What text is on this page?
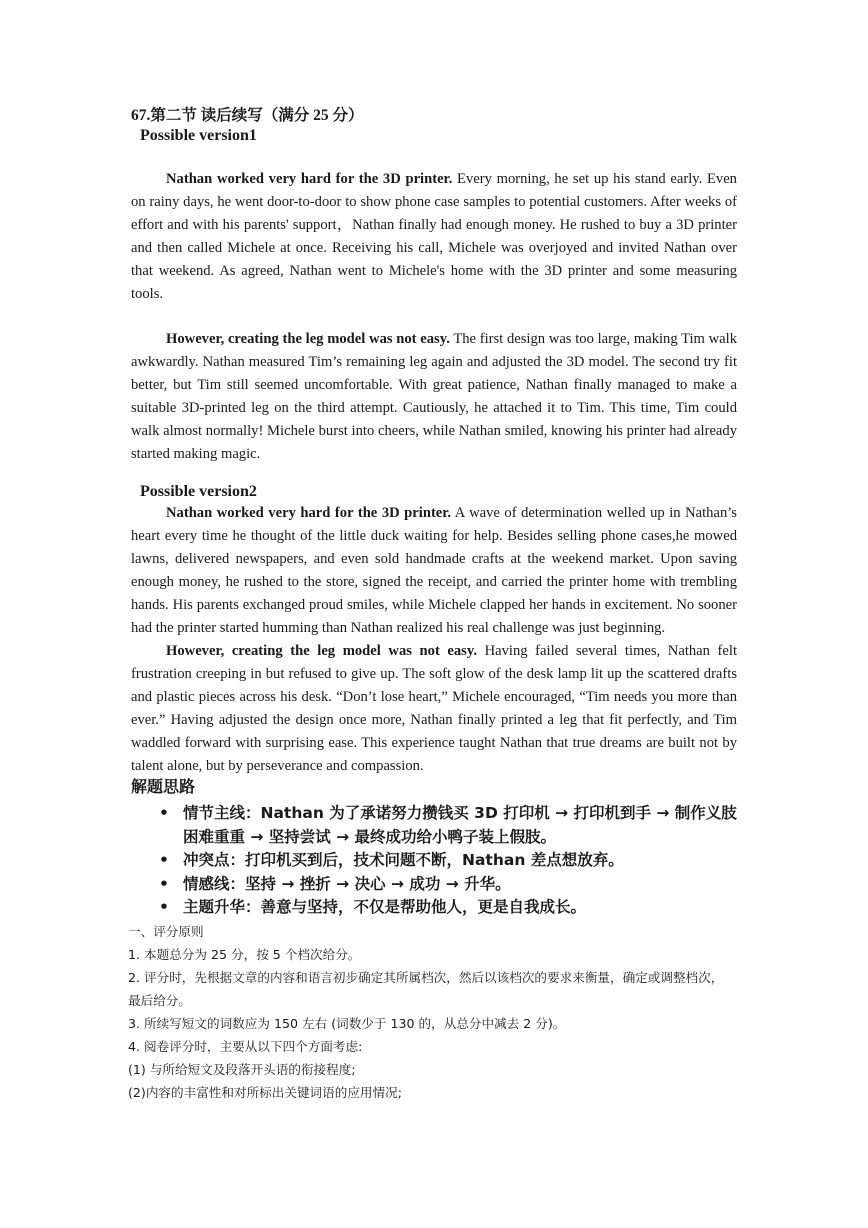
67.第二节 读后续写（满分 25 分）
Possible version1

Nathan worked very hard for the 3D printer. Every morning, he set up his stand early. Even on rainy days, he went door-to-door to show phone case samples to potential customers. After weeks of effort and with his parents' support，Nathan finally had enough money. He rushed to buy a 3D printer and then called Michele at once. Receiving his call, Michele was overjoyed and invited Nathan over that weekend. As agreed, Nathan went to Michele's home with the 3D printer and some measuring tools.

However, creating the leg model was not easy. The first design was too large, making Tim walk awkwardly. Nathan measured Tim’s remaining leg again and adjusted the 3D model. The second try fit better, but Tim still seemed uncomfortable. With great patience, Nathan finally managed to make a suitable 3D-printed leg on the third attempt. Cautiously, he attached it to Tim. This time, Tim could walk almost normally! Michele burst into cheers, while Nathan smiled, knowing his printer had already started making magic.

Possible version2

Nathan worked very hard for the 3D printer. A wave of determination welled up in Nathan’s heart every time he thought of the little duck waiting for help. Besides selling phone cases,he mowed lawns, delivered newspapers, and even sold handmade crafts at the weekend market. Upon saving enough money, he rushed to the store, signed the receipt, and carried the printer home with trembling hands. His parents exchanged proud smiles, while Michele clapped her hands in excitement. No sooner had the printer started humming than Nathan realized his real challenge was just beginning.

However, creating the leg model was not easy. Having failed several times, Nathan felt frustration creeping in but refused to give up. The soft glow of the desk lamp lit up the scattered drafts and plastic pieces across his desk. “Don’t lose heart,” Michele encouraged, “Tim needs you more than ever.” Having adjusted the design once more, Nathan finally printed a leg that fit perfectly, and Tim waddled forward with surprising ease. This experience taught Nathan that true dreams are built not by talent alone, but by perseverance and compassion.

解题思路
• 情节主线：Nathan 为了承诺努力攒钱买 3D 打印机 → 打印机到手 → 制作义肢困难重重 → 坚持尝试 → 最终成功给小鸭子装上假肢。
• 冲突点：打印机买到后，技术问题不断，Nathan 差点想放弃。
• 情感线：坚持 → 挫折 → 决心 → 成功 → 升华。
• 主题升华：善意与坚持，不仅是帮助他人，更是自我成长。

一、评分原则

1. 本题总分为 25 分，按 5 个档次给分。

2. 评分时，先根据文章的内容和语言初步确定其所属档次，然后以该档次的要求来衡量，确定或调整档次，最后给分。

3. 所续写短文的词数应为 150 左右 (词数少于 130 的，从总分中减去 2 分)。

4. 阅卷评分时，主要从以下四个方面考虑:

(1) 与所给短文及段落开头语的衔接程度;

(2)内容的丰富性和对所标出关键词语的应用情况;
